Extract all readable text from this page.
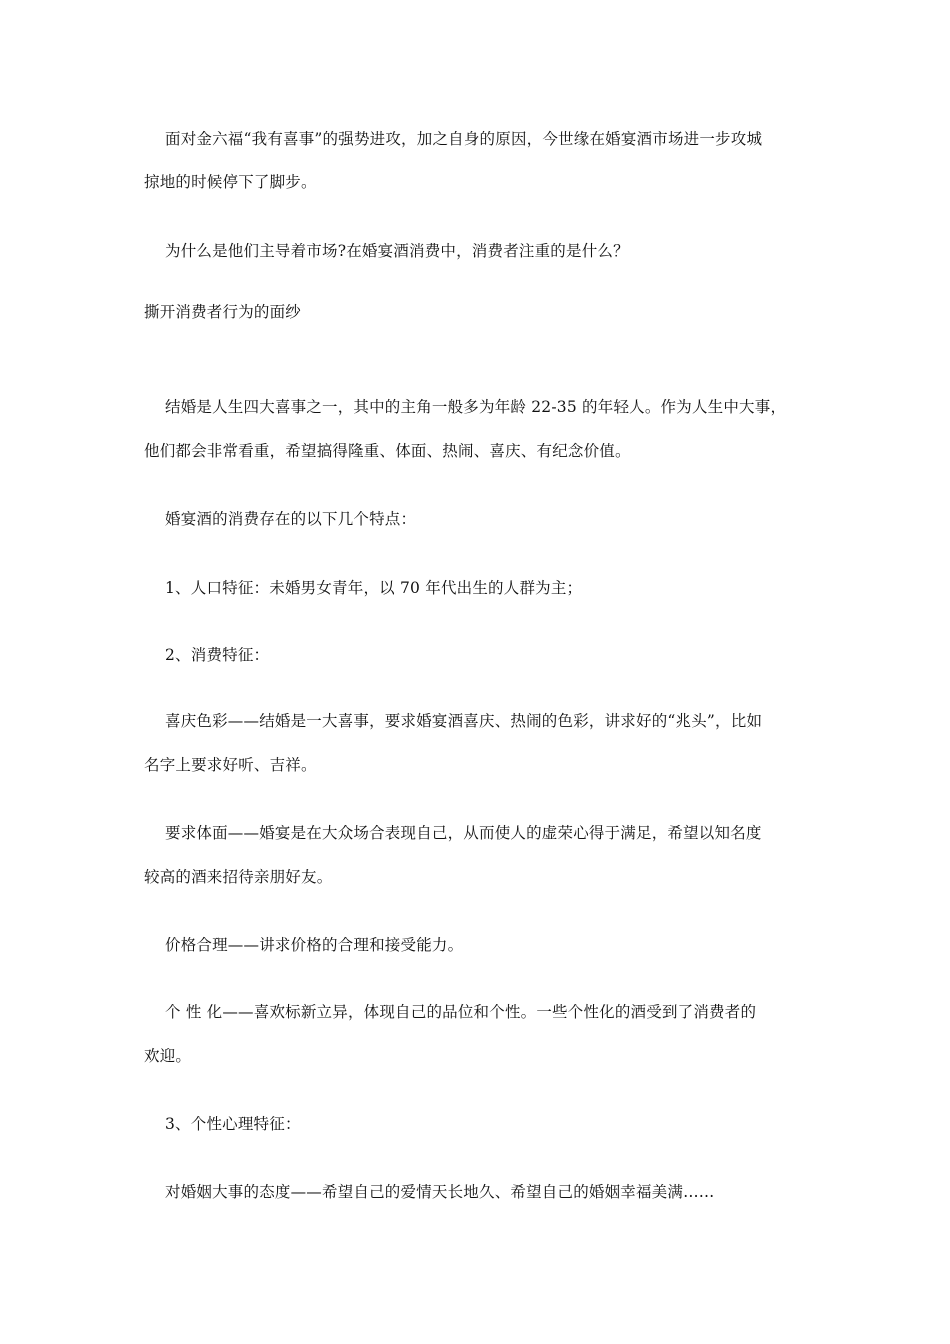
面对金六福“我有喜事”的强势进攻，加之自身的原因，今世缘在婚宴酒市场进一步攻城
掠地的时候停下了脚步。
为什么是他们主导着市场?在婚宴酒消费中，消费者注重的是什么？
撕开消费者行为的面纱
结婚是人生四大喜事之一，其中的主角一般多为年龄 22-35 的年轻人。作为人生中大事，
他们都会非常看重，希望搞得隆重、体面、热闹、喜庆、有纪念价值。
婚宴酒的消费存在的以下几个特点：
1、人口特征：未婚男女青年，以 70 年代出生的人群为主；
2、消费特征：
喜庆色彩——结婚是一大喜事，要求婚宴酒喜庆、热闹的色彩，讲求好的“兆头”，比如
名字上要求好听、吉祥。
要求体面——婚宴是在大众场合表现自己，从而使人的虚荣心得于满足，希望以知名度
较高的酒来招待亲朋好友。
价格合理——讲求价格的合理和接受能力。
个 性 化——喜欢标新立异，体现自己的品位和个性。一些个性化的酒受到了消费者的
欢迎。
3、个性心理特征：
对婚姻大事的态度——希望自己的爱情天长地久、希望自己的婚姻幸福美满……
